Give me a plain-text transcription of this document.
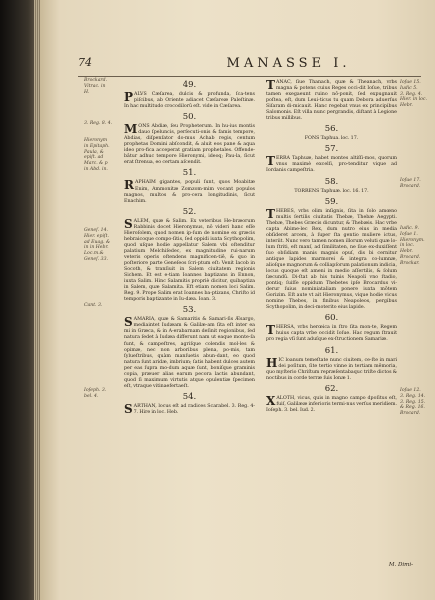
74	MANASSE I.
Brockard.
Vitrac. in
H.
3. Reg. 8. 4.
Hieronym
in Epitaph.
Paula, &
epiſt. ad
Marc. & p
in Abd. in.
Geneſ. 14.
Hier. epiſt.
ad Euag. &
in in Hebr.
Loc.m.&
Geneſ. 33.
Cant. 3.
Ioſeph. 3.
bel. 4.
49.

PALVS Cæſarea, dulcis & profunda, ſca-tens piſcibus, ab Oriente adiacet Cæſareæ Paleſtinæ. In hac multitudo crocodilorū eſt. vide in Cæſarea.

50.

MONS Abdiæ, ſeu Propheterum. In hu-ius montis dauo ſpeluncis, perſecuti-onis & famis tempore, Abdias, diſpenſator do-mus Achab regis, centum prophetas Domini abſcondit, & aluit eos pane & aqua ideo pro-fica acceperat gratiam prophetales. Offende-bâtur adhuc tempore Hieronymi, ideoq; Pau-la, ſicut erat ſtrenua, eo certam aſcendit.

51.

RAPHAIM gigantes, populi ſunt, quos Moabitæ Enim, Ammonitæ Zomzom-mim vocant populos magnos, multos & pro-cera longitudinis, ſicut Enachim.

52.

SALEM, quæ & Salim. Ex veteribus He-bræorum Rabbinis docet Hieronymus, nô videri hanc eſſe Hieroſolem, quod nomen ip-ſum de nomine ex græcis hebraicoque compo-ſitis, ſed oppidi iuxta Scythopolim, quod uſque hodie appellatur Salem vbi oſtenditur palatium Melchiſedec, ex magnitudine rui-narum veteris operis oſtendens magnificen-tiē, & quo in poſteriore parte Geneſeos ſcri-ptum eſt: Venit Iacob in Socoth, & tranſiuit in Salem ciuitatem regionis Sichem. Et est e-tiam Ioannes baptizans in Ennon, iuxta Salim. Hinc Salamitis propriè dicitur, quibaptiza in Salem, quæ Salamita. Eft etiam nomen loci Salim. Reg. 9. Prope Salim erat Ioannes ba-ptizans, Chriſto id temporis baptizante in Iu-dæa. Ioan. 3.

53.

SAMARIA, quæ & Samaritis & Samari-ſis Æsargo, mediaintet Iudæam & Galilæ-am ſita eſt inter ea mi in Græca, & in A-erabarnam deſinit regionibus, ſed natura ſedet à Iudæa differunt nam ut eaque monte-ſa funt, & campeſtres, agriſque colendis mol-les & opimæ, nec non arboribus plena, po-mis, tam ſylueſtribus, quàm manſuetis abun-dant, eo quod natura ſunt aridæ, imbrium; ſatis habent dulces autem per eas ſupra mo-dum aquæ ſunt, boniſque graminis copia, præuer alias earum pecora lactis abundant, quod ſi maximum virtutis atque opulentiæ ſpecimen eſt, vtraque vitinaefertaeſt.

54.

SARTHAN, locus eſt ad radices Scarabel. 3. Reg. 4-7. Hire in loc. Heb.

TANAC, ſiue Thanach, quæ & Theanach, vrbs magna & potens cuius Reges occi-dit Ioſue, tribus tamen exegaeunt ruino nō-ponit, ſed expugnauit poſtea, eſt, dum Leui-ticus tu quam Debora aduerſus Siſaram di-micauit. Hanc regebat vnus ex principibus Salomonis. Eſt villa nunc pergrandis, diſtant à Legione tribus millibus.

56.

FONS Taphua. loc. 17.

57.

TERRA Taphuæ, habet montes altiſſi-mos, quorum vnus maximè excelſi, pro-tenditur vique ad Iordanis campeſtria.

58.

TORRENS Taphuæ. loc. 16. 17.

59.

THEBES, vrbs olim inſignis, ſita in ſolo amœno multis ſertilis ciuitatis Thebæ, Thebæ Aegypti. Thebæ, Thebes Græcis dicuntur, & Thebæis. Hac vrbe capta Abime-lec Rex, dum nutro eius in media obſideret arcem, à ſuper ſta gentio muliere ictus, interiit. Nunc vero tamen nomen illorum veluti quæ lo-lum ſtriti, eſt manſ, ad ſimilitaten, ne ſiue ex-duxiſſent ſuo obſidiam manis magnis opuſ, dis bi cernitur antique lapides marmorei & integra co-lumnæ, alioſque magnorum & colliapſorum palationum indicia, locus quoque eſt ameni in medio aſſertilis, & ſolum ſæcundū. Di-ſtat ab his tuinis Neapoli vno ſtadio, pontiq; ſuiſſe oppidum Thebetes ipſe Brocardus vi-derur ſuius nominiataliam ponere iuxta mōtem Gorizim. Eſt aute vt ait Hieronymus, vique hodie vicus nomine Thebes, in finibus Neapoleos, pergibus Scythopolim, in deci-moterito eius lapide.

60.

THERSA, vrbs herœica in ſtro ſita mon-te, Regem huius capta vrbe occidit Ioſue. Hac regum ſtrauit pro regia vſi ſunt aduſque ex-ſtructionem Samariæ.

61.

HIC loanum temeſtate nunc ciuitem, ce-ſte in mari dei poſitum, ſite tertio vinne in tertiam mēmoria, quo myſterio Chriſtum repræſentabaquc triſte dictos & noctibus in corde terræ ſuis Ionæ 1.

62.

XALOTH, vicus, quis in magno campo dpoſitus eſt, fuiſ, Galilææ inferioris termi-nus verſus meridiem. Ioſeph. 3. bel. Iud. 2.

Ioſue 15.
Iudic 5.
3. Reg. 4.
Hier. in loc.
Hebr.
Ioſue 17.
Brocard.
Iudic. 9.
Ioſue 1.
Hieronym.
in loc.
Hebr.
Brocard.
Brockar.
Ioſue 12.
3. Reg. 14.
3. Reg. 15.
& Reg. 16.
Brocard.
M. Dimi-
